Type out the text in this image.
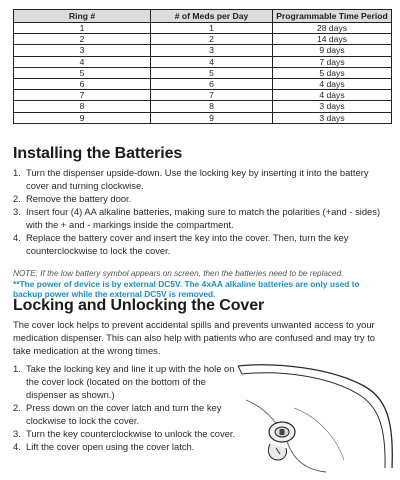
Ring #	# of Meds per Day	Programmable Time Period
1	1	28 days
2	2	14 days
3	3	9 days
4	4	7 days
5	5	5 days
6	6	4 days
7	7	4 days
8	8	3 days
9	9	3 days
Installing the Batteries
1. Turn the dispenser upside-down. Use the locking key by inserting it into the battery cover and turning clockwise.
2. Remove the battery door.
3. Insert four (4) AA alkaline batteries, making sure to match the polarities (+and - sides) with the + and - markings inside the compartment.
4. Replace the battery cover and insert the key into the cover. Then, turn the key counterclockwise to lock the cover.
NOTE: If the low battery symbol appears on screen, then the batteries need to be replaced.
**The power of device is by external DC5V. The 4xAA alkaline batteries are only used to backup power while the external DC5V is removed.
Locking and Unlocking the Cover
The cover lock helps to prevent accidental spills and prevents unwanted access to your medication dispenser. This can also help with patients who are confused and may try to take medication at the wrong times.
1. Take the locking key and line it up with the hole on the cover lock (located on the bottom of the dispenser as shown.)
2. Press down on the cover latch and turn the key clockwise to lock the cover.
3. Turn the key counterclockwise to unlock the cover.
4. Lift the cover open using the cover latch.
